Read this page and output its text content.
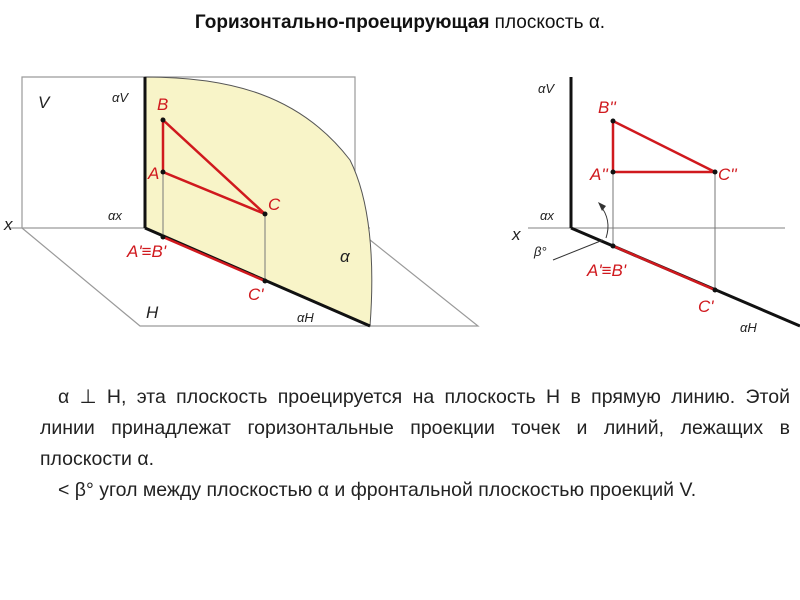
Горизонтально-проецирующая плоскость α.
V
H
x
αV
αx
αH
α
B
A
C
A'≡B'
C'
αV
αx
αH
x
β°
B''
A''	C''
A'≡B'
C'

α ⊥ H, эта плоскость проецируется на плоскость H в прямую линию. Этой линии принадлежат горизонтальные проекции точек и линий, лежащих в плоскости α.

< β° угол между плоскостью α и фронтальной плоскостью проекций V.
